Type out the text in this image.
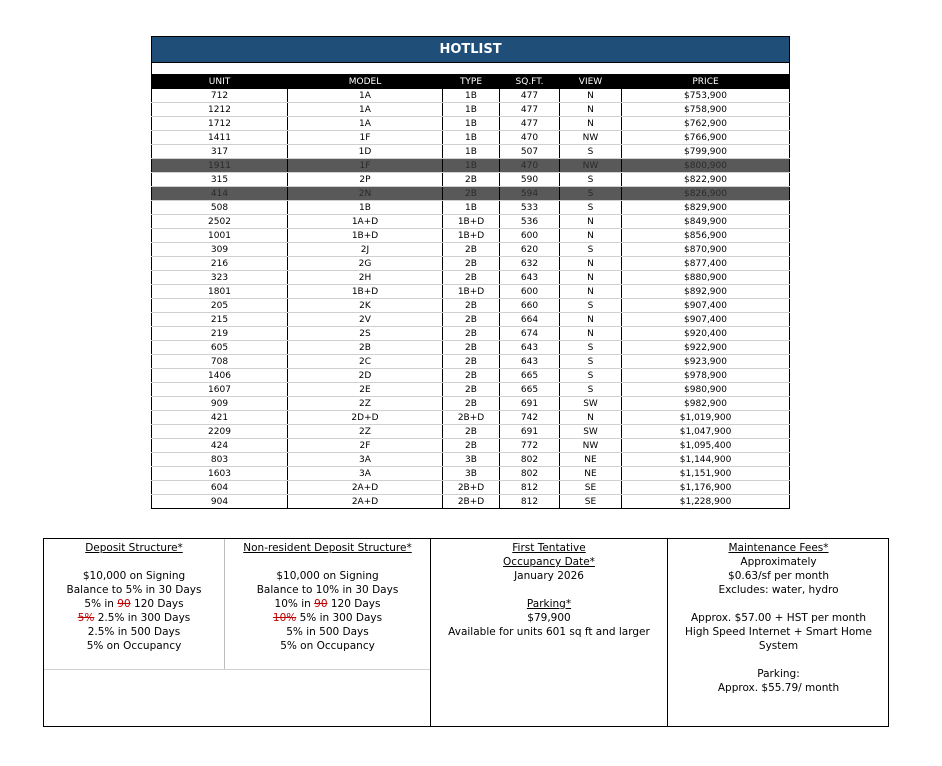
HOTLIST					

UNIT	MODEL	TYPE	SQ.FT.	VIEW	PRICE
712	1A	1B	477	N	$753,900
1212	1A	1B	477	N	$758,900
1712	1A	1B	477	N	$762,900
1411	1F	1B	470	NW	$766,900
317	1D	1B	507	S	$799,900
1911	1F	1B	470	NW	$800,900
315	2P	2B	590	S	$822,900
414	2N	2B	594	S	$826,900
508	1B	1B	533	S	$829,900
2502	1A+D	1B+D	536	N	$849,900
1001	1B+D	1B+D	600	N	$856,900
309	2J	2B	620	S	$870,900
216	2G	2B	632	N	$877,400
323	2H	2B	643	N	$880,900
1801	1B+D	1B+D	600	N	$892,900
205	2K	2B	660	S	$907,400
215	2V	2B	664	N	$907,400
219	2S	2B	674	N	$920,400
605	2B	2B	643	S	$922,900
708	2C	2B	643	S	$923,900
1406	2D	2B	665	S	$978,900
1607	2E	2B	665	S	$980,900
909	2Z	2B	691	SW	$982,900
421	2D+D	2B+D	742	N	$1,019,900
2209	2Z	2B	691	SW	$1,047,900
424	2F	2B	772	NW	$1,095,400
803	3A	3B	802	NE	$1,144,900
1603	3A	3B	802	NE	$1,151,900
604	2A+D	2B+D	812	SE	$1,176,900
904	2A+D	2B+D	812	SE	$1,228,900

Deposit Structure*

$10,000 on Signing

Balance to 5% in 30 Days

5% in 90 120 Days

5% 2.5% in 300 Days

2.5% in 500 Days

5% on Occupancy

Non-resident Deposit Structure*

$10,000 on Signing

Balance to 10% in 30 Days

10% in 90 120 Days

10% 5% in 300 Days

5% in 500 Days

5% on Occupancy

First Tentative

Occupancy Date*

January 2026

Parking*

$79,900

Available for units 601 sq ft and larger

Maintenance Fees*

Approximately

$0.63/sf per month

Excludes: water, hydro

Approx. $57.00 + HST per month

High Speed Internet + Smart Home System

Parking:

Approx. $55.79/ month
